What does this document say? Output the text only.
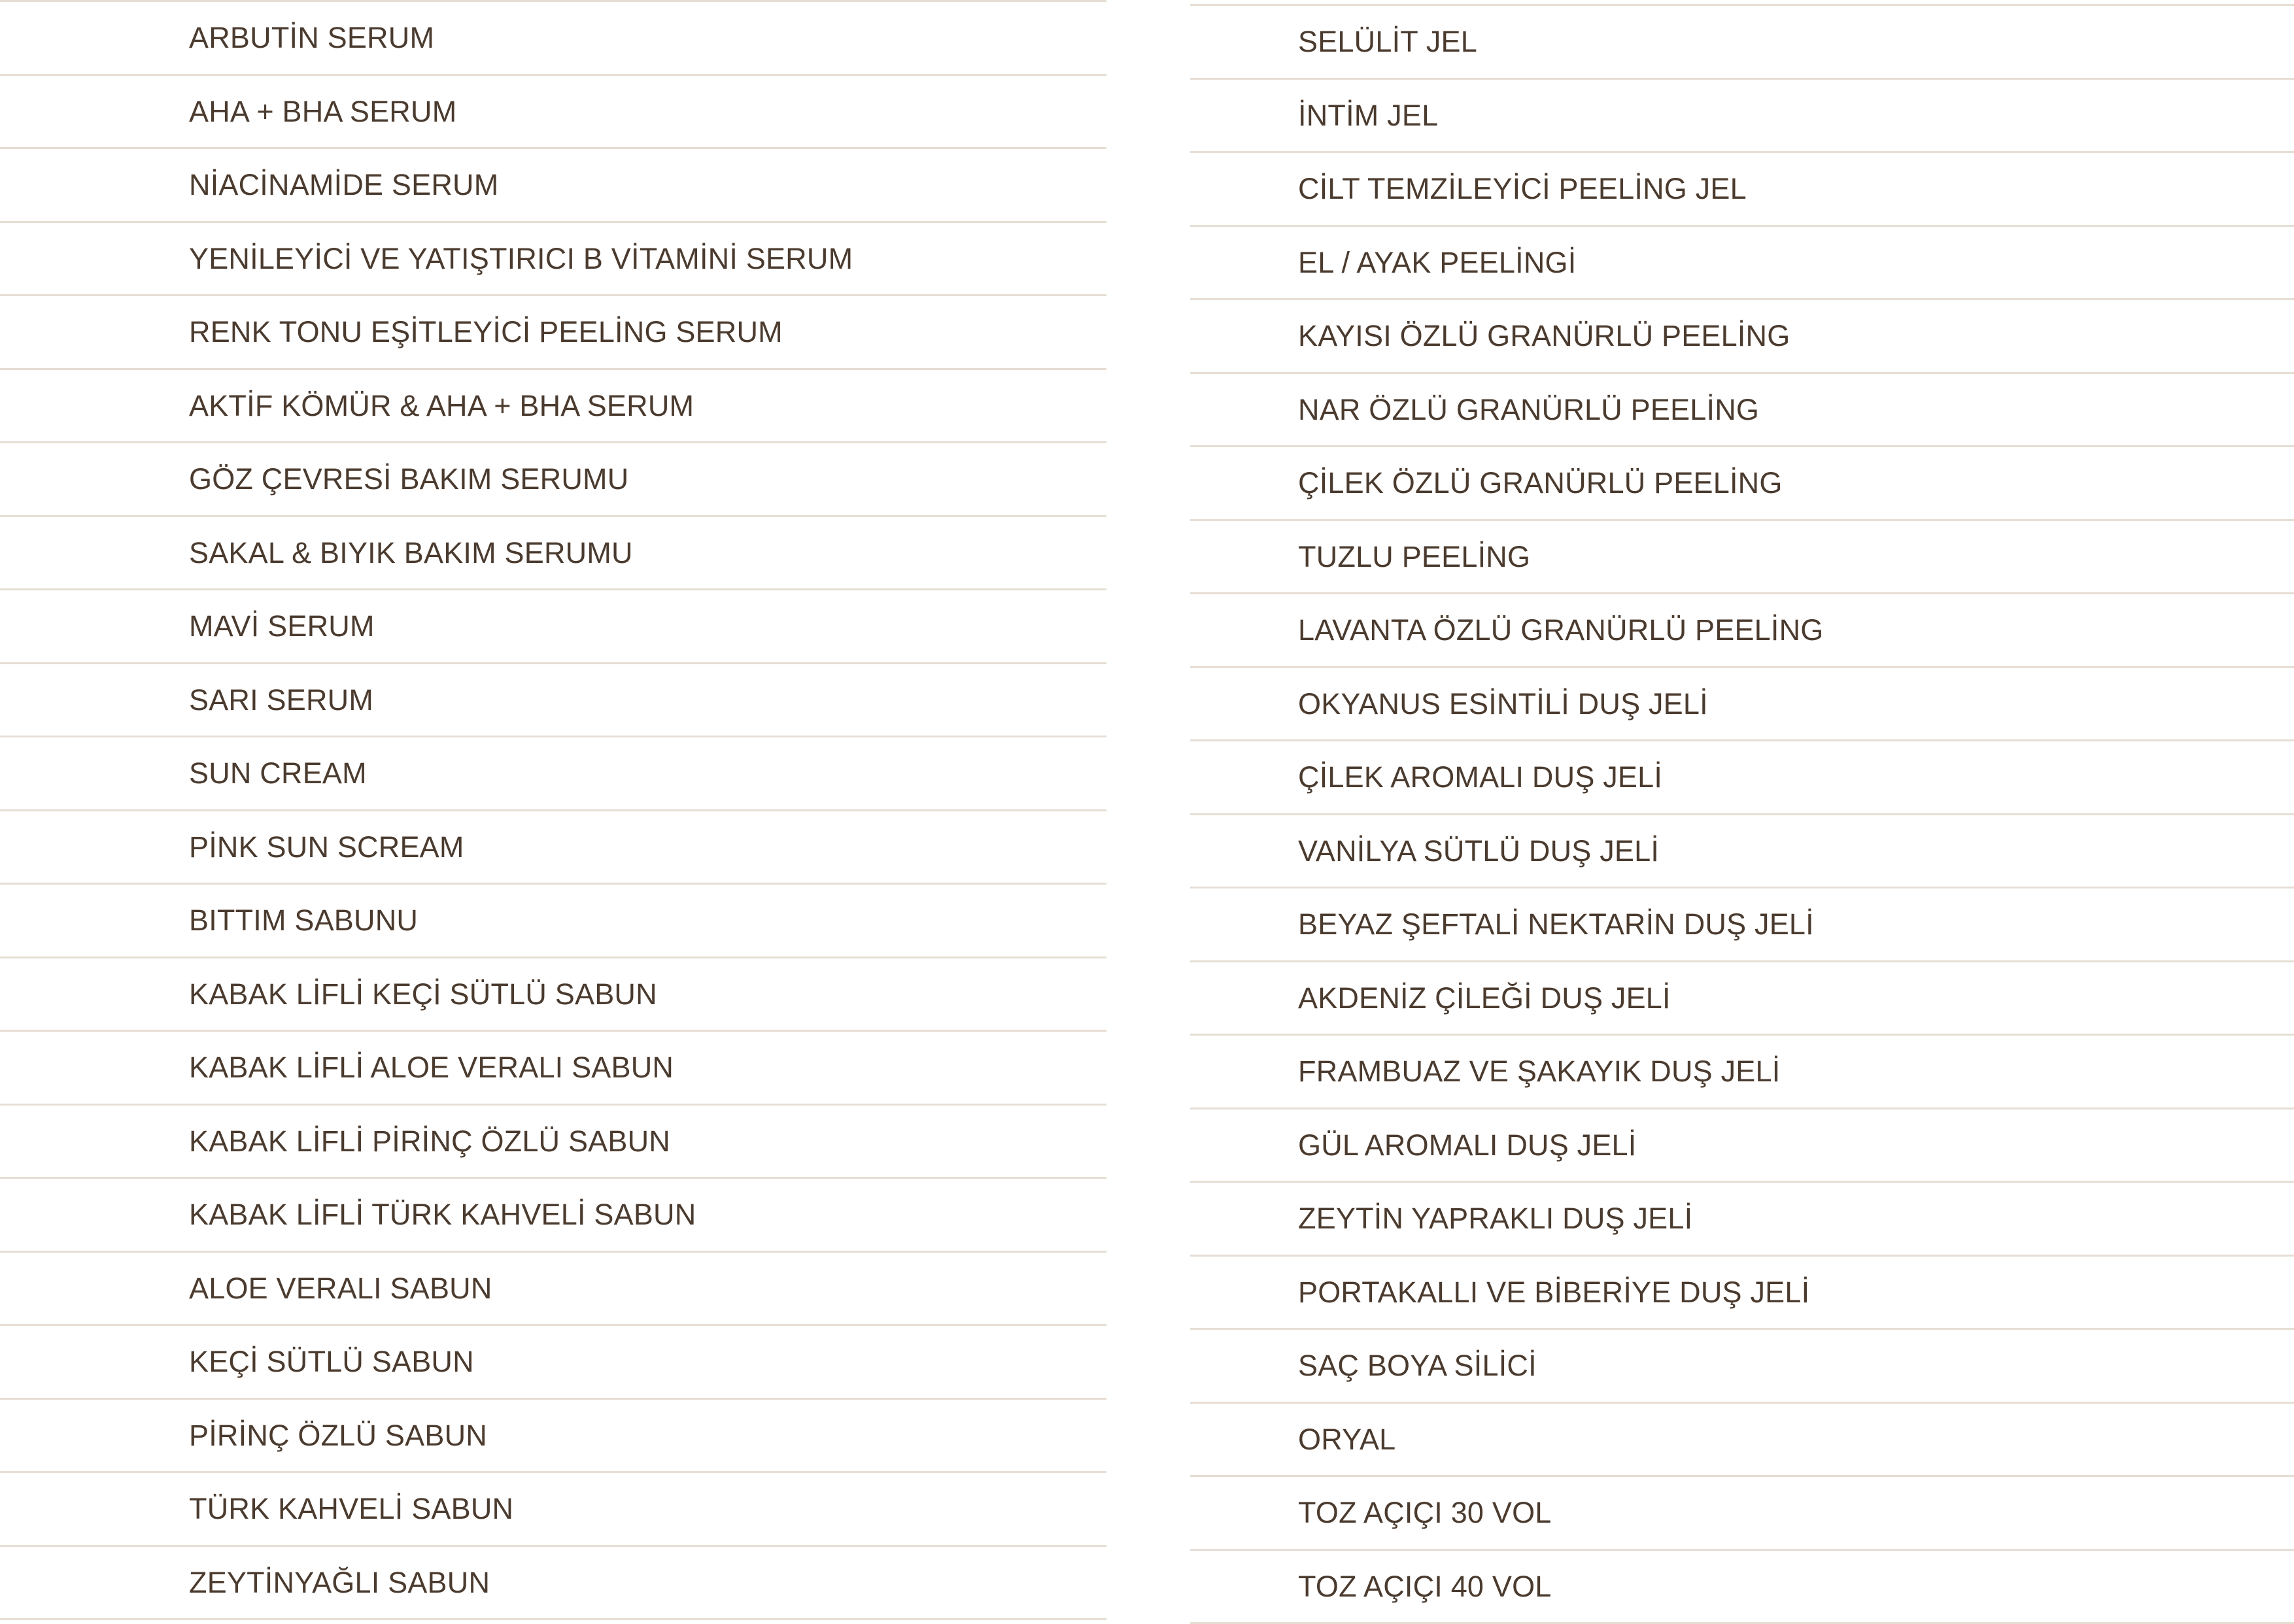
ARBUTİN SERUM
AHA + BHA SERUM
NİACİNAMİDE SERUM
YENİLEYİCİ VE YATIŞTIRICI B VİTAMİNİ SERUM
RENK TONU EŞİTLEYİCİ PEELİNG SERUM
AKTİF KÖMÜR & AHA + BHA SERUM
GÖZ ÇEVRESİ BAKIM SERUMU
SAKAL & BIYIK BAKIM SERUMU
MAVİ SERUM
SARI SERUM
SUN CREAM
PİNK SUN SCREAM
BITTIM SABUNU
KABAK LİFLİ KEÇİ SÜTLÜ SABUN
KABAK LİFLİ ALOE VERALI SABUN
KABAK LİFLİ PİRİNÇ ÖZLÜ SABUN
KABAK LİFLİ TÜRK KAHVELİ SABUN
ALOE VERALI SABUN
KEÇİ SÜTLÜ SABUN
PİRİNÇ ÖZLÜ SABUN
TÜRK KAHVELİ SABUN
ZEYTİNYAĞLI SABUN
SELÜLİT JEL
İNTİM JEL
CİLT TEMZİLEYİCİ PEELİNG JEL
EL / AYAK PEELİNGİ
KAYISI ÖZLÜ GRANÜRLÜ PEELİNG
NAR ÖZLÜ GRANÜRLÜ PEELİNG
ÇİLEK ÖZLÜ GRANÜRLÜ PEELİNG
TUZLU PEELİNG
LAVANTA ÖZLÜ GRANÜRLÜ PEELİNG
OKYANUS ESİNTİLİ DUŞ JELİ
ÇİLEK AROMALI DUŞ JELİ
VANİLYA SÜTLÜ DUŞ JELİ
BEYAZ ŞEFTALİ NEKTARİN DUŞ JELİ
AKDENİZ ÇİLEĞİ DUŞ JELİ
FRAMBUAZ VE ŞAKAYIK DUŞ JELİ
GÜL AROMALI DUŞ JELİ
ZEYTİN YAPRAKLI DUŞ JELİ
PORTAKALLI VE BİBERİYE DUŞ JELİ
SAÇ BOYA SİLİCİ
ORYAL
TOZ AÇIÇI 30 VOL
TOZ AÇIÇI 40 VOL
